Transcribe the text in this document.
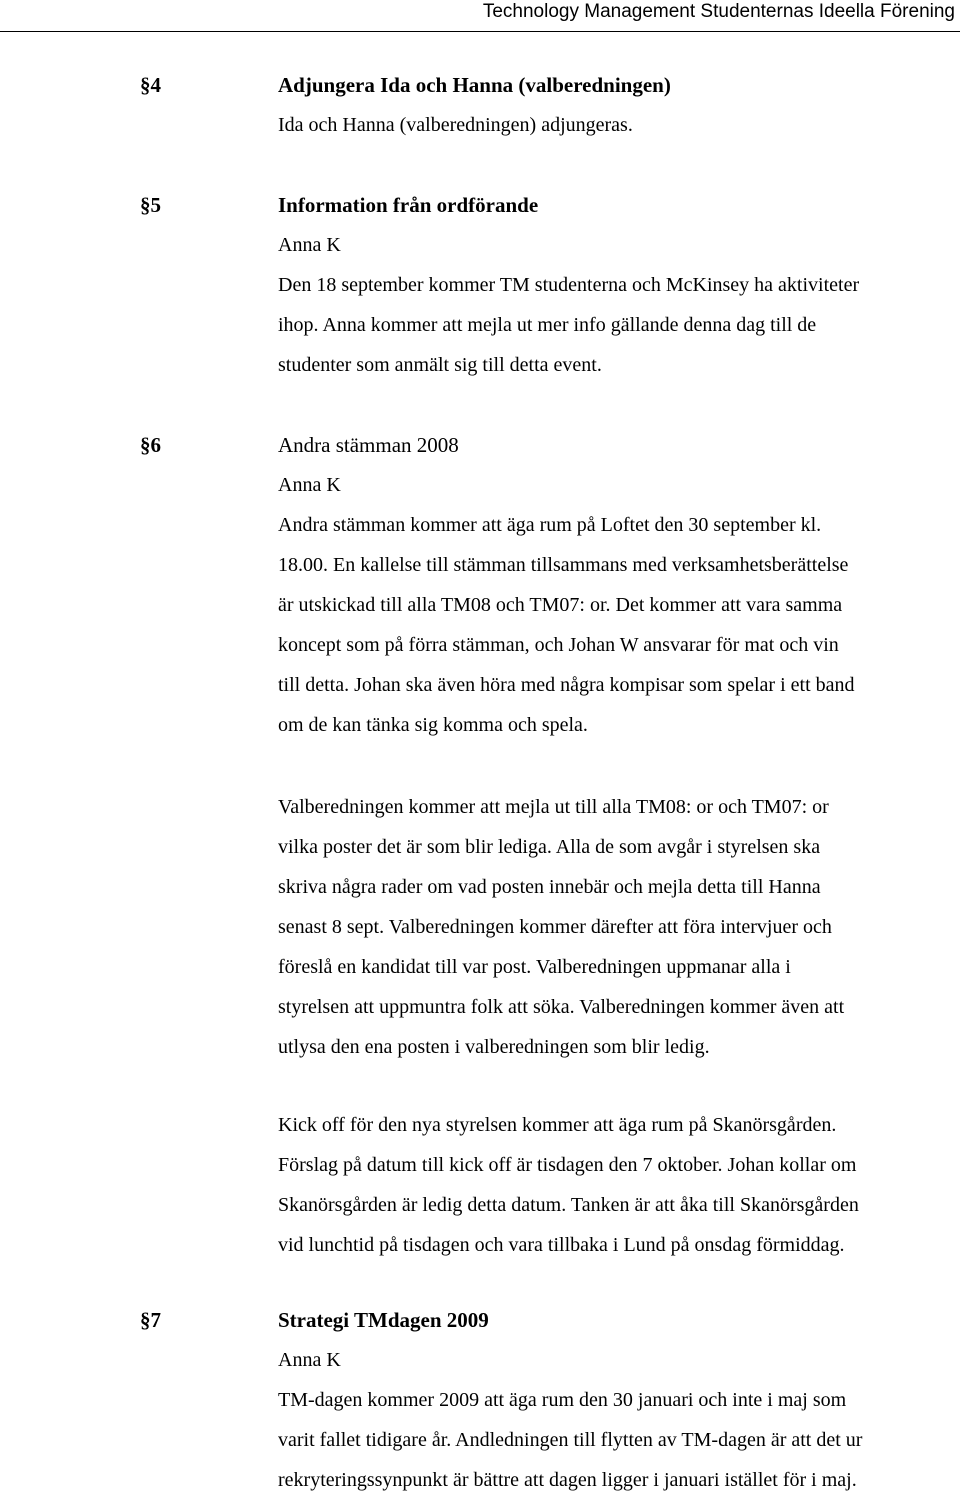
Technology Management Studenternas Ideella Förening
§4	Adjungera Ida och Hanna (valberedningen)
Ida och Hanna (valberedningen) adjungeras.
§5	Information från ordförande
Anna K
Den 18 september kommer TM studenterna och McKinsey ha aktiviteter
ihop. Anna kommer att mejla ut mer info gällande denna dag till de
studenter som anmält sig till detta event.
§6	Andra stämman 2008
Anna K
Andra stämman kommer att äga rum på Loftet den 30 september kl.
18.00. En kallelse till stämman tillsammans med verksamhetsberättelse
är utskickad till alla TM08 och TM07: or. Det kommer att vara samma
koncept som på förra stämman, och Johan W ansvarar för mat och vin
till detta. Johan ska även höra med några kompisar som spelar i ett band
om de kan tänka sig komma och spela.
Valberedningen kommer att mejla ut till alla TM08: or och TM07: or
vilka poster det är som blir lediga. Alla de som avgår i styrelsen ska
skriva några rader om vad posten innebär och mejla detta till Hanna
senast 8 sept. Valberedningen kommer därefter att föra intervjuer och
föreslå en kandidat till var post. Valberedningen uppmanar alla i
styrelsen att uppmuntra folk att söka. Valberedningen kommer även att
utlysa den ena posten i valberedningen som blir ledig.
Kick off för den nya styrelsen kommer att äga rum på Skanörsgården.
Förslag på datum till kick off är tisdagen den 7 oktober. Johan kollar om
Skanörsgården är ledig detta datum. Tanken är att åka till Skanörsgården
vid lunchtid på tisdagen och vara tillbaka i Lund på onsdag förmiddag.
§7	Strategi TMdagen 2009
Anna K
TM-dagen kommer 2009 att äga rum den 30 januari och inte i maj som
varit fallet tidigare år. Andledningen till flytten av TM-dagen är att det ur
rekryteringssynpunkt är bättre att dagen ligger i januari istället för i maj.
